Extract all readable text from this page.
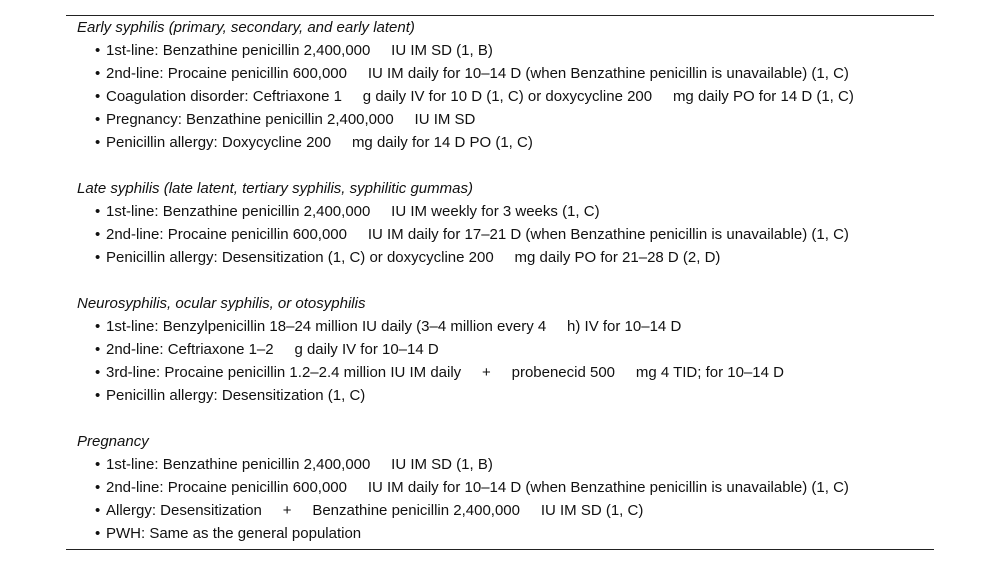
Early syphilis (primary, secondary, and early latent)
• 1st-line: Benzathine penicillin 2,400,000     IU IM SD (1, B)
• 2nd-line: Procaine penicillin 600,000     IU IM daily for 10–14 D (when Benzathine penicillin is unavailable) (1, C)
• Coagulation disorder: Ceftriaxone 1     g daily IV for 10 D (1, C) or doxycycline 200     mg daily PO for 14 D (1, C)
• Pregnancy: Benzathine penicillin 2,400,000     IU IM SD
• Penicillin allergy: Doxycycline 200     mg daily for 14 D PO (1, C)
Late syphilis (late latent, tertiary syphilis, syphilitic gummas)
• 1st-line: Benzathine penicillin 2,400,000     IU IM weekly for 3 weeks (1, C)
• 2nd-line: Procaine penicillin 600,000     IU IM daily for 17–21 D (when Benzathine penicillin is unavailable) (1, C)
• Penicillin allergy: Desensitization (1, C) or doxycycline 200     mg daily PO for 21–28 D (2, D)
Neurosyphilis, ocular syphilis, or otosyphilis
• 1st-line: Benzylpenicillin 18–24 million IU daily (3–4 million every 4     h) IV for 10–14 D
• 2nd-line: Ceftriaxone 1–2     g daily IV for 10–14 D
• 3rd-line: Procaine penicillin 1.2–2.4 million IU IM daily     +     probenecid 500     mg 4 TID; for 10–14 D
• Penicillin allergy: Desensitization (1, C)
Pregnancy
• 1st-line: Benzathine penicillin 2,400,000     IU IM SD (1, B)
• 2nd-line: Procaine penicillin 600,000     IU IM daily for 10–14 D (when Benzathine penicillin is unavailable) (1, C)
• Allergy: Desensitization     +     Benzathine penicillin 2,400,000     IU IM SD (1, C)
• PWH: Same as the general population
